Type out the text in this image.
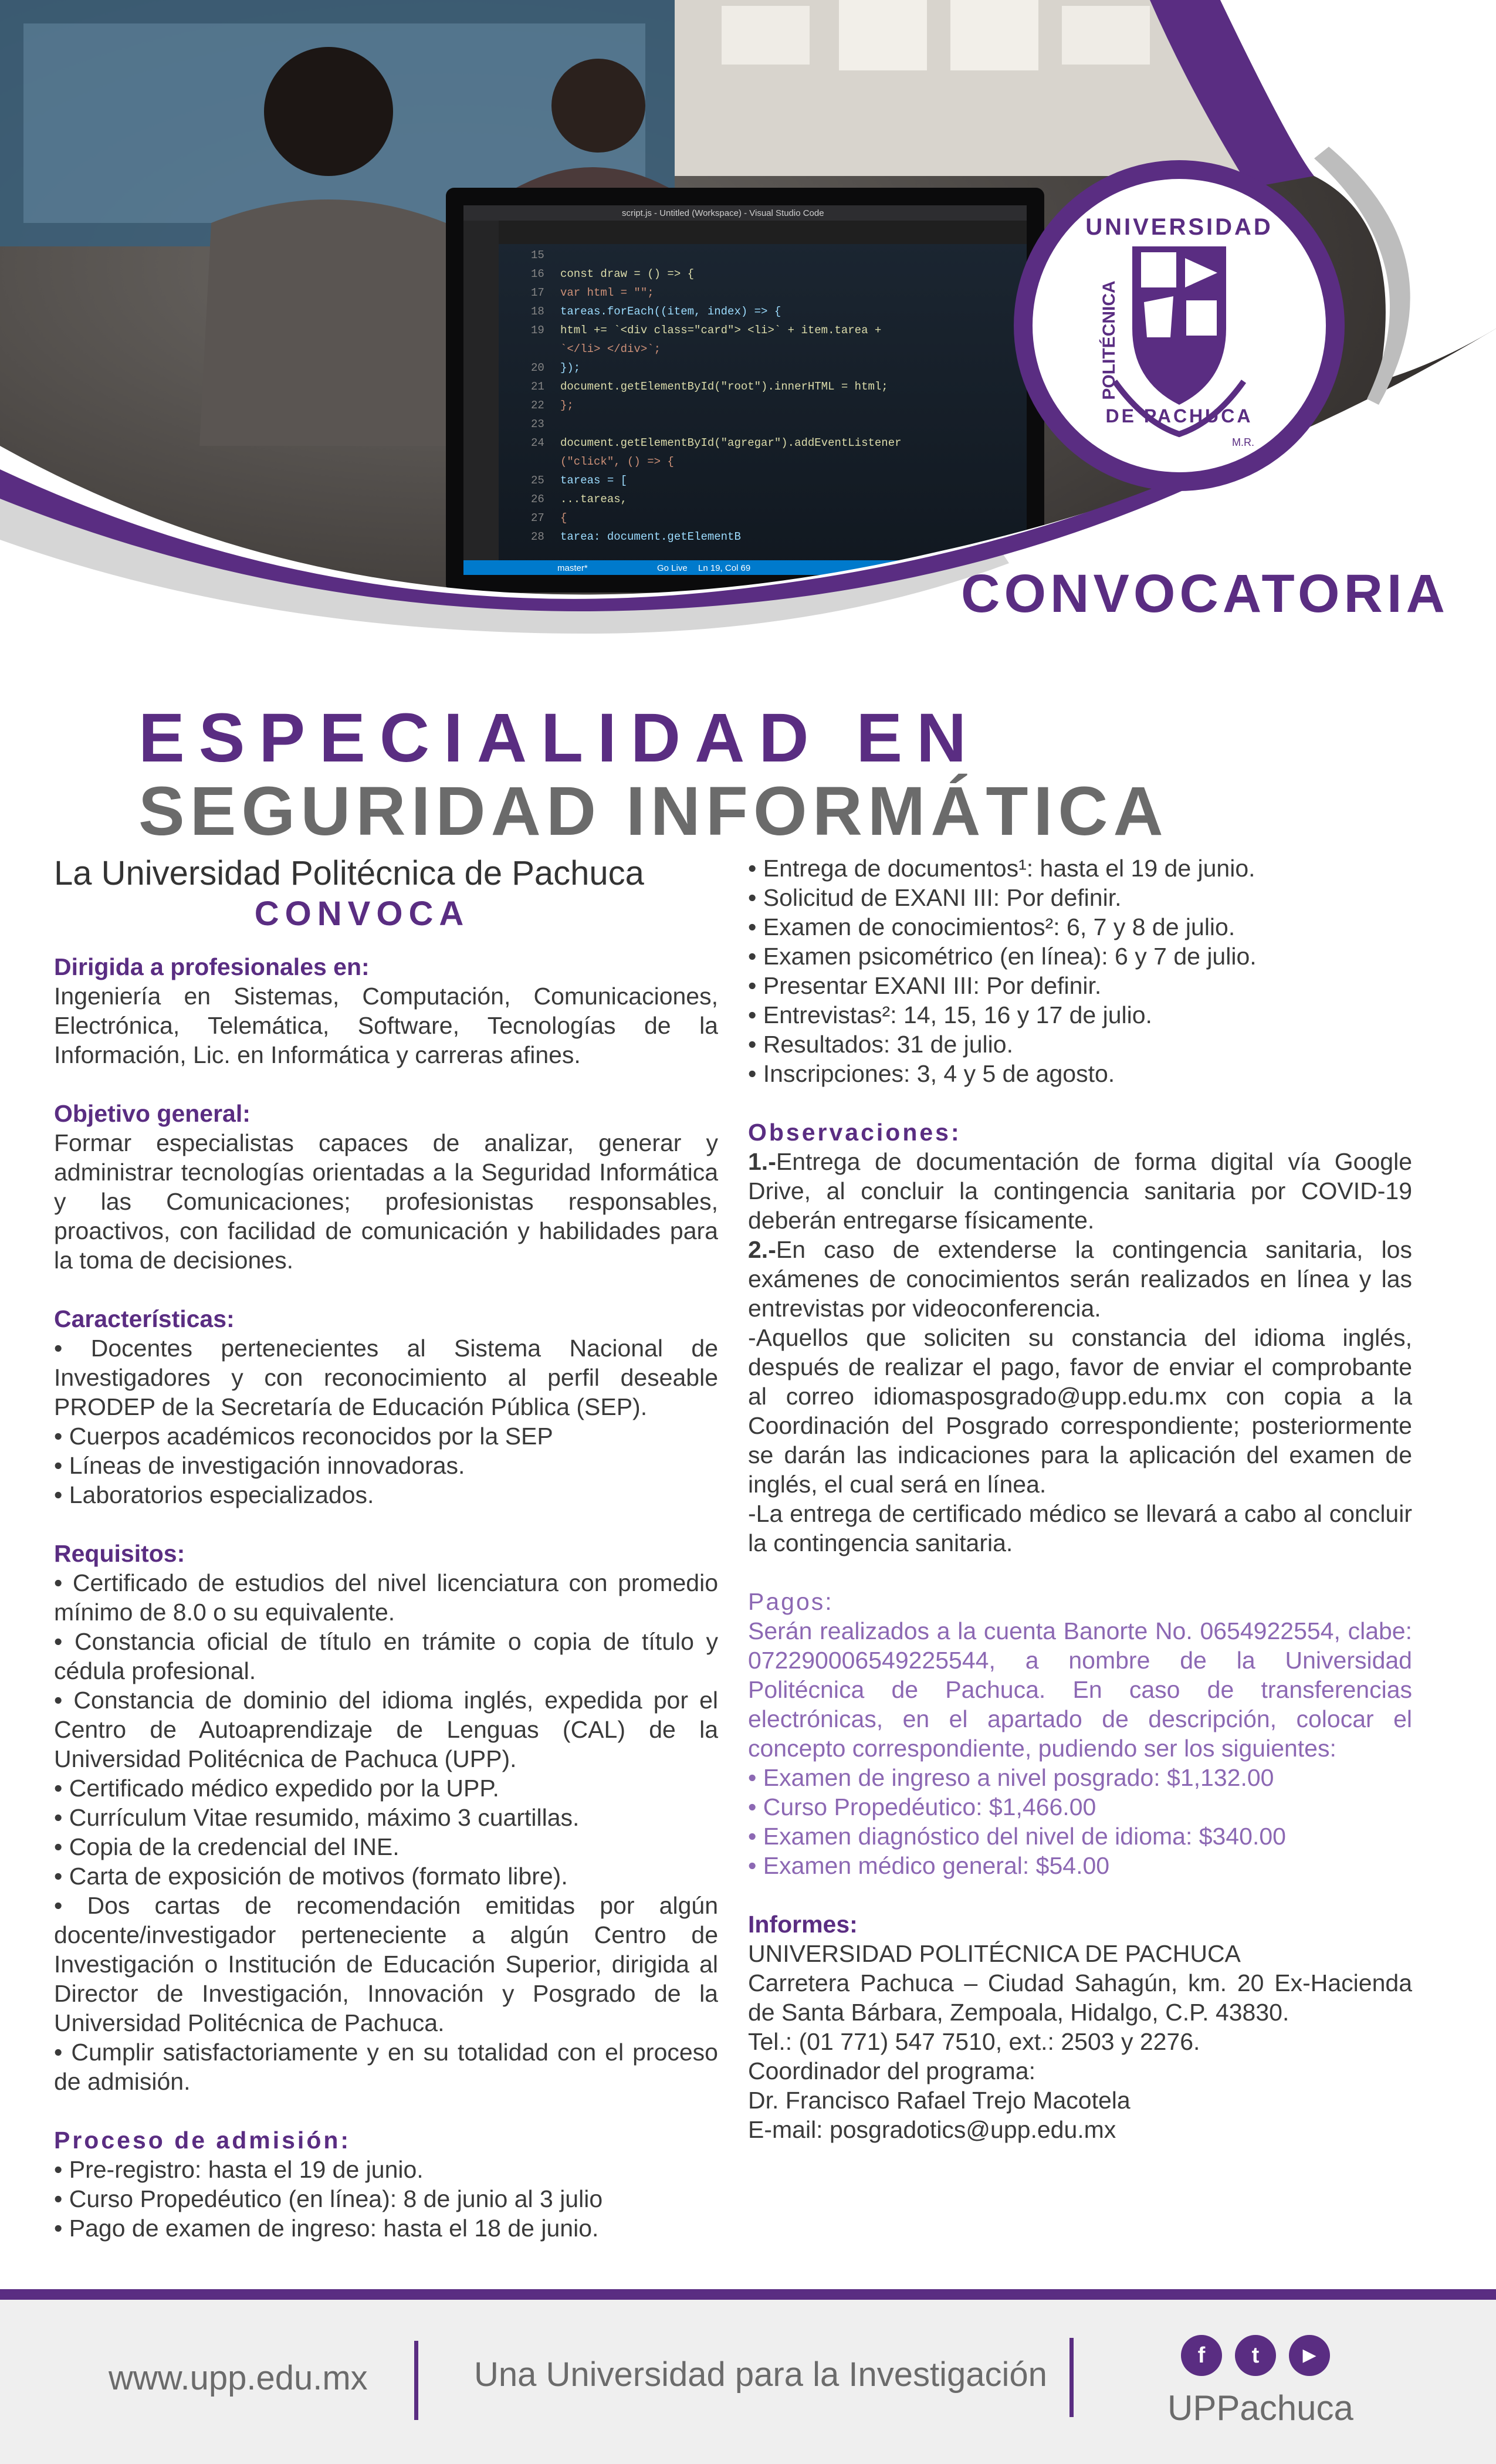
script.js - Untitled (Workspace) - Visual Studio Code
15
16 const draw = () => {
17 var html = "";
18 tareas.forEach((item, index) => {
19 html += `<div class="card"> <li>` + item.tarea +
`</li> </div>`;
20 });
21 document.getElementById("root").innerHTML = html;
22 };
23
24 document.getElementById("agregar").addEventListener
("click", () => {
25 tareas = [
26 ...tareas,
27 {
28 tarea: document.getElementB
master*	Go Live Ln 19, Col 69
UNIVERSIDAD
POLITÉCNICA
DE PACHUCA
M.R.
CONVOCATORIA
ESPECIALIDAD EN
SEGURIDAD INFORMÁTICA
La Universidad Politécnica de Pachuca
CONVOCA
Dirigida a profesionales en:
Ingeniería en Sistemas, Computación, Comunicaciones, Electrónica, Telemática, Software, Tecnologías de la Información, Lic. en Informática y carreras afines.
Objetivo general:
Formar especialistas capaces de analizar, generar y administrar tecnologías orientadas a la Seguridad Informática y las Comunicaciones; profesionistas responsables, proactivos, con facilidad de comunicación y habilidades para la toma de decisiones.
Características:
• Docentes pertenecientes al Sistema Nacional de Investigadores y con reconocimiento al perfil deseable PRODEP de la Secretaría de Educación Pública (SEP).
• Cuerpos académicos reconocidos por la SEP
• Líneas de investigación innovadoras.
• Laboratorios especializados.
Requisitos:
• Certificado de estudios del nivel licenciatura con promedio mínimo de 8.0 o su equivalente.
• Constancia oficial de título en trámite o copia de título y cédula profesional.
• Constancia de dominio del idioma inglés, expedida por el Centro de Autoaprendizaje de Lenguas (CAL) de la Universidad Politécnica de Pachuca (UPP).
• Certificado médico expedido por la UPP.
• Currículum Vitae resumido, máximo 3 cuartillas.
• Copia de la credencial del INE.
• Carta de exposición de motivos (formato libre).
• Dos cartas de recomendación emitidas por algún docente/investigador perteneciente a algún Centro de Investigación o Institución de Educación Superior, dirigida al Director de Investigación, Innovación y Posgrado de la Universidad Politécnica de Pachuca.
• Cumplir satisfactoriamente y en su totalidad con el proceso de admisión.
Proceso de admisión:
• Pre-registro: hasta el 19 de junio.
• Curso Propedéutico (en línea): 8 de junio al 3 julio
• Pago de examen de ingreso: hasta el 18 de junio.
• Entrega de documentos¹: hasta el 19 de junio.
• Solicitud de EXANI III: Por definir.
• Examen de conocimientos²: 6, 7 y 8 de julio.
• Examen psicométrico (en línea): 6 y 7 de julio.
• Presentar EXANI III: Por definir.
• Entrevistas²: 14, 15, 16 y 17 de julio.
• Resultados: 31 de julio.
• Inscripciones: 3, 4 y 5 de agosto.
Observaciones:
1.-Entrega de documentación de forma digital vía Google Drive, al concluir la contingencia sanitaria por COVID-19 deberán entregarse físicamente.
2.-En caso de extenderse la contingencia sanitaria, los exámenes de conocimientos serán realizados en línea y las entrevistas por videoconferencia.
-Aquellos que soliciten su constancia del idioma inglés, después de realizar el pago, favor de enviar el comprobante al correo idiomasposgrado@upp.edu.mx con copia a la Coordinación del Posgrado correspondiente; posteriormente se darán las indicaciones para la aplicación del examen de inglés, el cual será en línea.
-La entrega de certificado médico se llevará a cabo al concluir la contingencia sanitaria.
Pagos:
Serán realizados a la cuenta Banorte No. 0654922554, clabe: 072290006549225544, a nombre de la Universidad Politécnica de Pachuca. En caso de transferencias electrónicas, en el apartado de descripción, colocar el concepto correspondiente, pudiendo ser los siguientes:
• Examen de ingreso a nivel posgrado: $1,132.00
• Curso Propedéutico: $1,466.00
• Examen diagnóstico del nivel de idioma: $340.00
• Examen médico general: $54.00
Informes:
UNIVERSIDAD POLITÉCNICA DE PACHUCA
Carretera Pachuca – Ciudad Sahagún, km. 20 Ex-Hacienda de Santa Bárbara, Zempoala, Hidalgo, C.P. 43830.
Tel.: (01 771) 547 7510, ext.: 2503 y 2276.
Coordinador del programa:
Dr. Francisco Rafael Trejo Macotela
E-mail: posgradotics@upp.edu.mx
www.upp.edu.mx	Una Universidad para la Investigación	f	t	▶
UPPachuca
